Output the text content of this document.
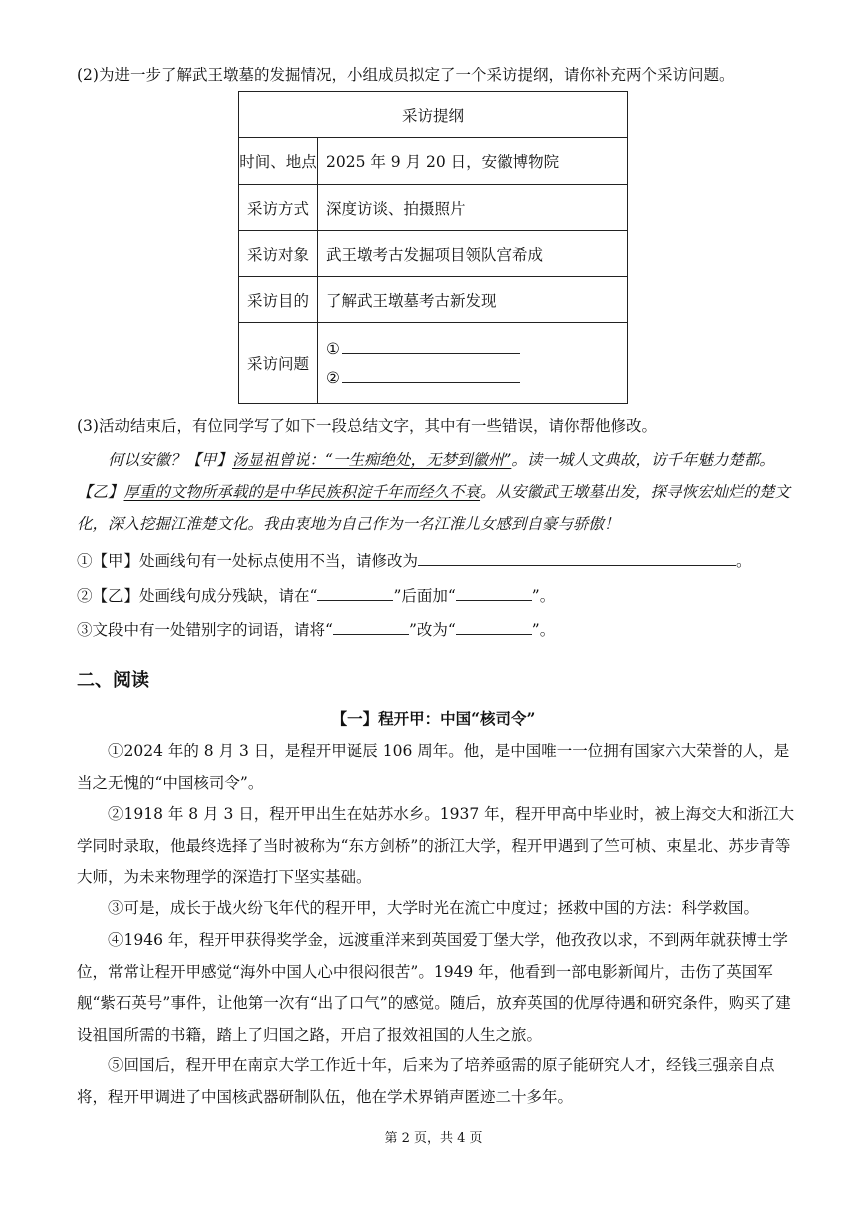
(2)为进一步了解武王墩墓的发掘情况，小组成员拟定了一个采访提纲，请你补充两个采访问题。
采访提纲	
时间、地点	2025 年 9 月 20 日，安徽博物院
采访方式	深度访谈、拍摄照片
采访对象	武王墩考古发掘项目领队宫希成
采访目的	了解武王墩墓考古新发现
采访问题	①
②
(3)活动结束后，有位同学写了如下一段总结文字，其中有一些错误，请你帮他修改。
何以安徽？【甲】汤显祖曾说：“一生痴绝处，无梦到徽州”。读一城人文典故，访千年魅力楚都。【乙】厚重的文物所承载的是中华民族积淀千年而经久不衰。从安徽武王墩墓出发，探寻恢宏灿烂的楚文化，深入挖掘江淮楚文化。我由衷地为自己作为一名江淮儿女感到自豪与骄傲！
①【甲】处画线句有一处标点使用不当，请修改为	。
②【乙】处画线句成分残缺，请在“	”后面加“	”。
③文段中有一处错别字的词语，请将“	”改为“	”。
二、阅读
【一】程开甲：中国“核司令”
①2024 年的 8 月 3 日，是程开甲诞辰 106 周年。他，是中国唯一一位拥有国家六大荣誉的人，是当之无愧的“中国核司令”。
②1918 年 8 月 3 日，程开甲出生在姑苏水乡。1937 年，程开甲高中毕业时，被上海交大和浙江大学同时录取，他最终选择了当时被称为“东方剑桥”的浙江大学，程开甲遇到了竺可桢、束星北、苏步青等大师，为未来物理学的深造打下坚实基础。
③可是，成长于战火纷飞年代的程开甲，大学时光在流亡中度过；拯救中国的方法：科学救国。
④1946 年，程开甲获得奖学金，远渡重洋来到英国爱丁堡大学，他孜孜以求，不到两年就获博士学位，常常让程开甲感觉“海外中国人心中很闷很苦”。1949 年，他看到一部电影新闻片，击伤了英国军舰“紫石英号”事件，让他第一次有“出了口气”的感觉。随后，放弃英国的优厚待遇和研究条件，购买了建设祖国所需的书籍，踏上了归国之路，开启了报效祖国的人生之旅。
⑤回国后，程开甲在南京大学工作近十年，后来为了培养亟需的原子能研究人才，经钱三强亲自点将，程开甲调进了中国核武器研制队伍，他在学术界销声匿迹二十多年。
第 2 页，共 4 页
